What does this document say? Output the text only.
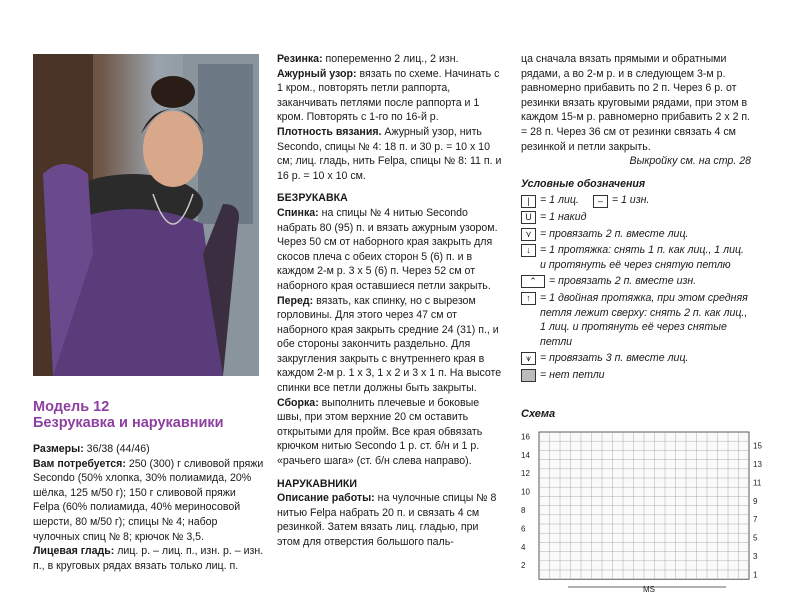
Модель 12
Безрукавка и нарукавники

Размеры: 36/38 (44/46)

Вам потребуется: 250 (300) г сливовой пряжи Secondo (50% хлопка, 30% полиамида, 20% шёлка, 125 м/50 г); 150 г сливовой пряжи Felpa (60% полиамида, 40% мериносовой шерсти, 80 м/50 г); спицы № 4; набор чулочных спиц № 8; крючок № 3,5.

Лицевая гладь: лиц. р. – лиц. п., изн. р. – изн. п., в круговых рядах вязать только лиц. п.

Резинка: попеременно 2 лиц., 2 изн.

Ажурный узор: вязать по схеме. Начинать с 1 кром., повторять петли раппорта, заканчивать петлями после раппорта и 1 кром. Повторять с 1-го по 16-й р.

Плотность вязания. Ажурный узор, нить Secondo, спицы № 4: 18 п. и 30 р. = 10 x 10 см; лиц. гладь, нить Felpa, спицы № 8: 11 п. и 16 р. = 10 x 10 см.

БЕЗРУКАВКА

Спинка: на спицы № 4 нитью Secondo набрать 80 (95) п. и вязать ажурным узором. Через 50 см от наборного края закрыть для скосов плеча с обеих сторон 5 (6) п. и в каждом 2-м р. 3 x 5 (6) п. Через 52 см от наборного края оставшиеся петли закрыть.

Перед: вязать, как спинку, но с вырезом горловины. Для этого через 47 см от наборного края закрыть средние 24 (31) п., и обе стороны закончить раздельно. Для закругления закрыть с внутреннего края в каждом 2-м р. 1 x 3, 1 x 2 и 3 x 1 п. На высоте спинки все петли должны быть закрыты.

Сборка: выполнить плечевые и боковые швы, при этом верхние 20 см оставить открытыми для пройм. Все края обвязать крючком нитью Secondo 1 р. ст. б/н и 1 р. «рачьего шага» (ст. б/н слева направо).

НАРУКАВНИКИ

Описание работы: на чулочные спицы № 8 нитью Felpa набрать 20 п. и связать 4 см резинкой. Затем вязать лиц. гладью, при этом для отверстия большого паль-

ца сначала вязать прямыми и обратными рядами, а во 2-м р. и в следующем 3-м р. равномерно прибавить по 2 п. Через 6 р. от резинки вязать круговыми рядами, при этом в каждом 15-м р. равномерно прибавить 2 x 2 п. = 28 п. Через 36 см от резинки связать 4 см резинкой и петли закрыть.

Выкройку см. на стр. 28

Условные обозначения

| = 1 лиц.	– = 1 изн.
U = 1 накид
⋎ = провязать 2 п. вместе лиц.
↓ = 1 протяжка: снять 1 п. как лиц., 1 лиц. и протянуть её через снятую петлю
⌃	= провязать 2 п. вместе изн.
↑ = 1 двойная протяжка, при этом средняя петля лежит сверху: снять 2 п. как лиц., 1 лиц. и протянуть её через снятые петли
⩛ = провязать 3 п. вместе лиц.
= нет петли
Схема
16
14
12
10
8
6
4
2
15
13
11
9
7
5
3
1
MS
